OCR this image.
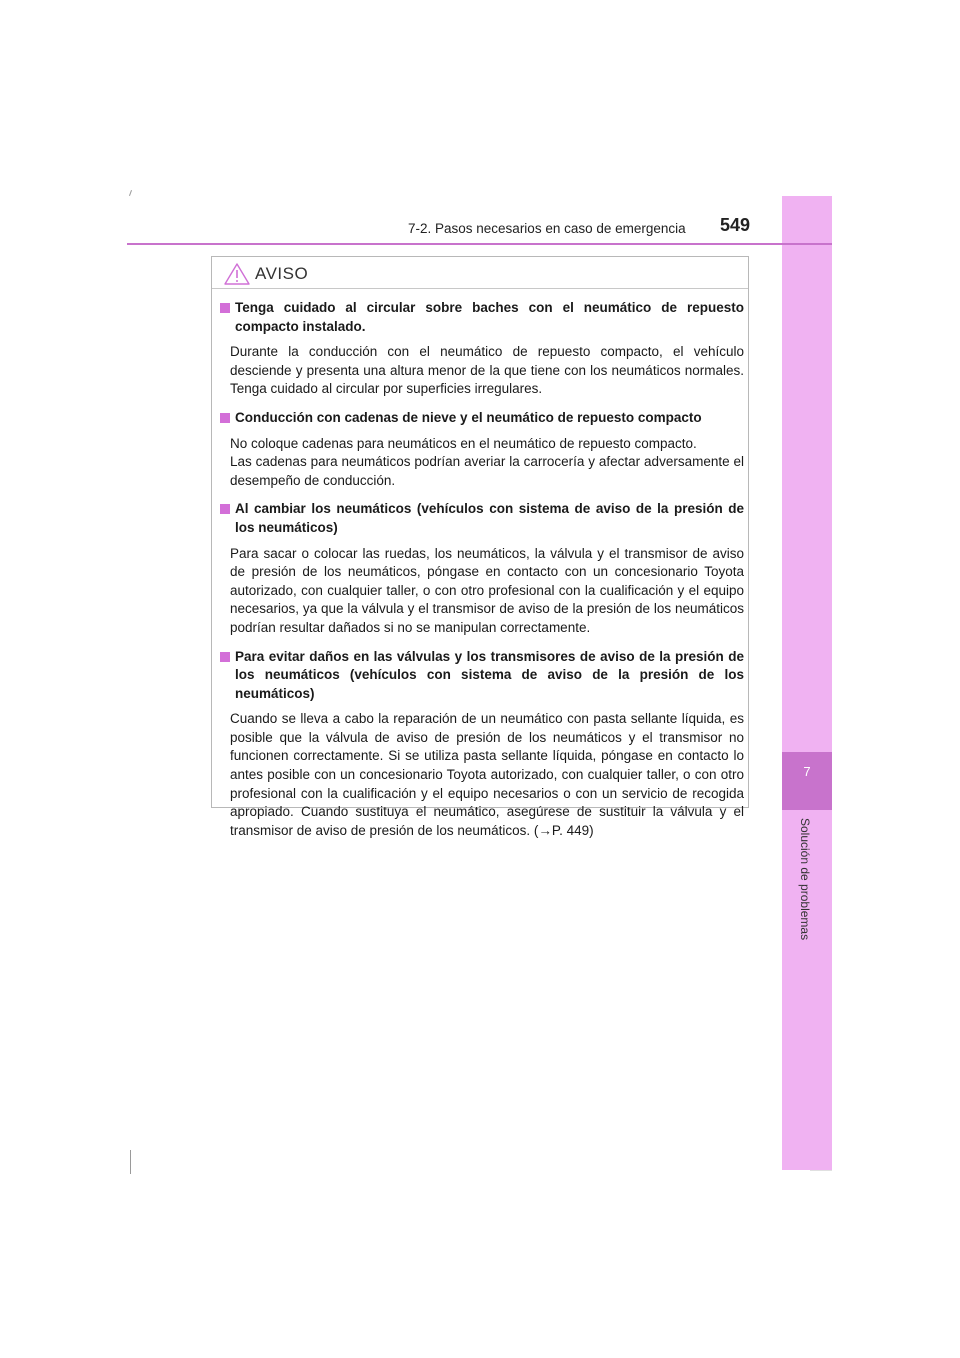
7
Solución de problemas
7-2. Pasos necesarios en caso de emergencia 549
AVISO
Tenga cuidado al circular sobre baches con el neumático de repuesto compacto instalado.
Durante la conducción con el neumático de repuesto compacto, el vehículo desciende y presenta una altura menor de la que tiene con los neumáticos normales. Tenga cuidado al circular por superficies irregulares.
Conducción con cadenas de nieve y el neumático de repuesto compacto
No coloque cadenas para neumáticos en el neumático de repuesto compacto.
Las cadenas para neumáticos podrían averiar la carrocería y afectar adversamente el desempeño de conducción.
Al cambiar los neumáticos (vehículos con sistema de aviso de la presión de los neumáticos)
Para sacar o colocar las ruedas, los neumáticos, la válvula y el transmisor de aviso de presión de los neumáticos, póngase en contacto con un concesionario Toyota autorizado, con cualquier taller, o con otro profesional con la cualificación y el equipo necesarios, ya que la válvula y el transmisor de aviso de la presión de los neumáticos podrían resultar dañados si no se manipulan correctamente.
Para evitar daños en las válvulas y los transmisores de aviso de la presión de los neumáticos (vehículos con sistema de aviso de la presión de los neumáticos)
Cuando se lleva a cabo la reparación de un neumático con pasta sellante líquida, es posible que la válvula de aviso de presión de los neumáticos y el transmisor no funcionen correctamente. Si se utiliza pasta sellante líquida, póngase en contacto lo antes posible con un concesionario Toyota autorizado, con cualquier taller, o con otro profesional con la cualificación y el equipo necesarios o con un servicio de recogida apropiado. Cuando sustituya el neumático, asegúrese de sustituir la válvula y el transmisor de aviso de presión de los neumáticos. (→P. 449)
